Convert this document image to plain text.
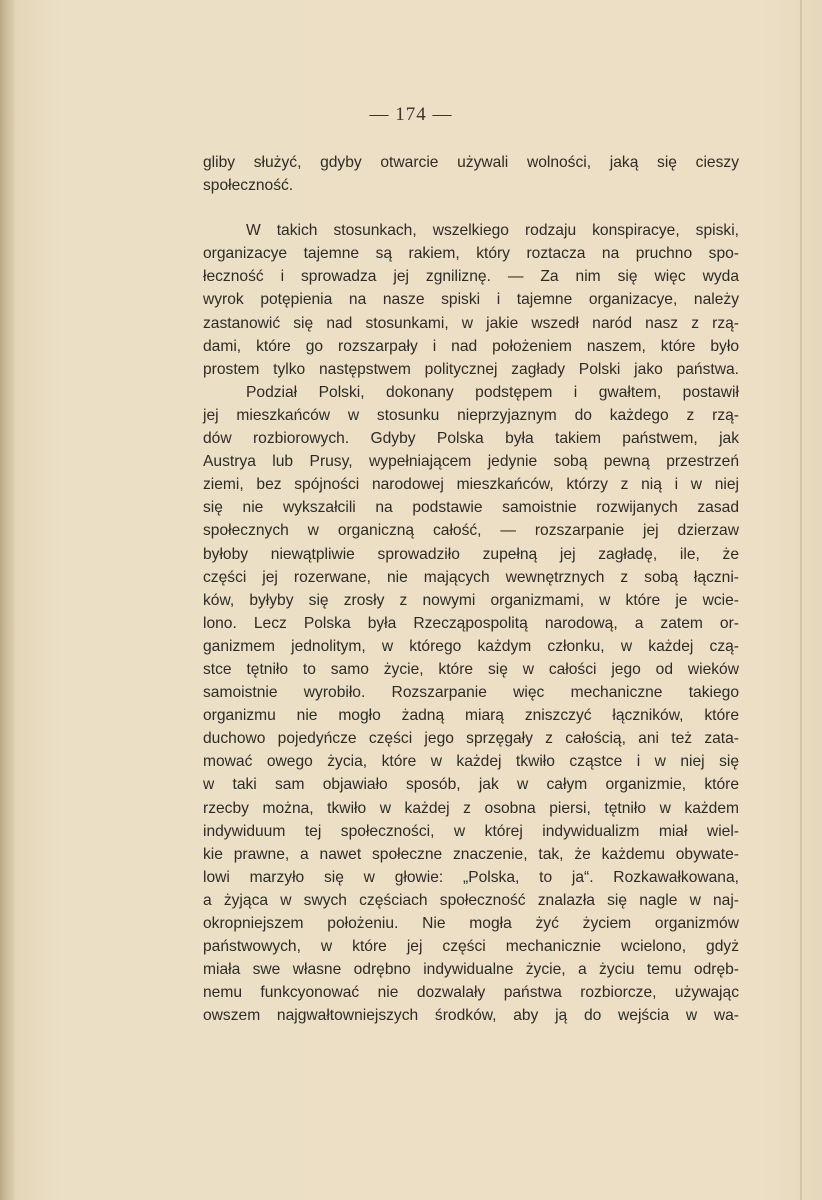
— 174 —
gliby służyć, gdyby otwarcie używali wolności, jaką się cieszy
społeczność.
W takich stosunkach, wszelkiego rodzaju konspiracye, spiski,
organizacye tajemne są rakiem, który roztacza na pruchno spo-
łeczność i sprowadza jej zgniliznę. — Za nim się więc wyda
wyrok potępienia na nasze spiski i tajemne organizacye, należy
zastanowić się nad stosunkami, w jakie wszedł naród nasz z rzą-
dami, które go rozszarpały i nad położeniem naszem, które było
prostem tylko następstwem politycznej zagłady Polski jako państwa.
Podział Polski, dokonany podstępem i gwałtem, postawił
jej mieszkańców w stosunku nieprzyjaznym do każdego z rzą-
dów rozbiorowych. Gdyby Polska była takiem państwem, jak
Austrya lub Prusy, wypełniającem jedynie sobą pewną przestrzeń
ziemi, bez spójności narodowej mieszkańców, którzy z nią i w niej
się nie wykszałcili na podstawie samoistnie rozwijanych zasad
społecznych w organiczną całość, — rozszarpanie jej dzierzaw
byłoby niewątpliwie sprowadziło zupełną jej zagładę, ile, że
części jej rozerwane, nie mających wewnętrznych z sobą łączni-
ków, byłyby się zrosły z nowymi organizmami, w które je wcie-
lono. Lecz Polska była Rzecząpospolitą narodową, a zatem or-
ganizmem jednolitym, w którego każdym członku, w każdej czą-
stce tętniło to samo życie, które się w całości jego od wieków
samoistnie wyrobiło. Rozszarpanie więc mechaniczne takiego
organizmu nie mogło żadną miarą zniszczyć łączników, które
duchowo pojedyńcze części jego sprzęgały z całością, ani też zata-
mować owego życia, które w każdej tkwiło cząstce i w niej się
w taki sam objawiało sposób, jak w całym organizmie, które
rzecby można, tkwiło w każdej z osobna piersi, tętniło w każdem
indywiduum tej społeczności, w której indywidualizm miał wiel-
kie prawne, a nawet społeczne znaczenie, tak, że każdemu obywate-
lowi marzyło się w głowie: „Polska, to ja“. Rozkawałkowana,
a żyjąca w swych częściach społeczność znalazła się nagle w naj-
okropniejszem położeniu. Nie mogła żyć życiem organizmów
państwowych, w które jej części mechanicznie wcielono, gdyż
miała swe własne odrębno indywidualne życie, a życiu temu odręb-
nemu funkcyonować nie dozwalały państwa rozbiorcze, używając
owszem najgwałtowniejszych środków, aby ją do wejścia w wa-
